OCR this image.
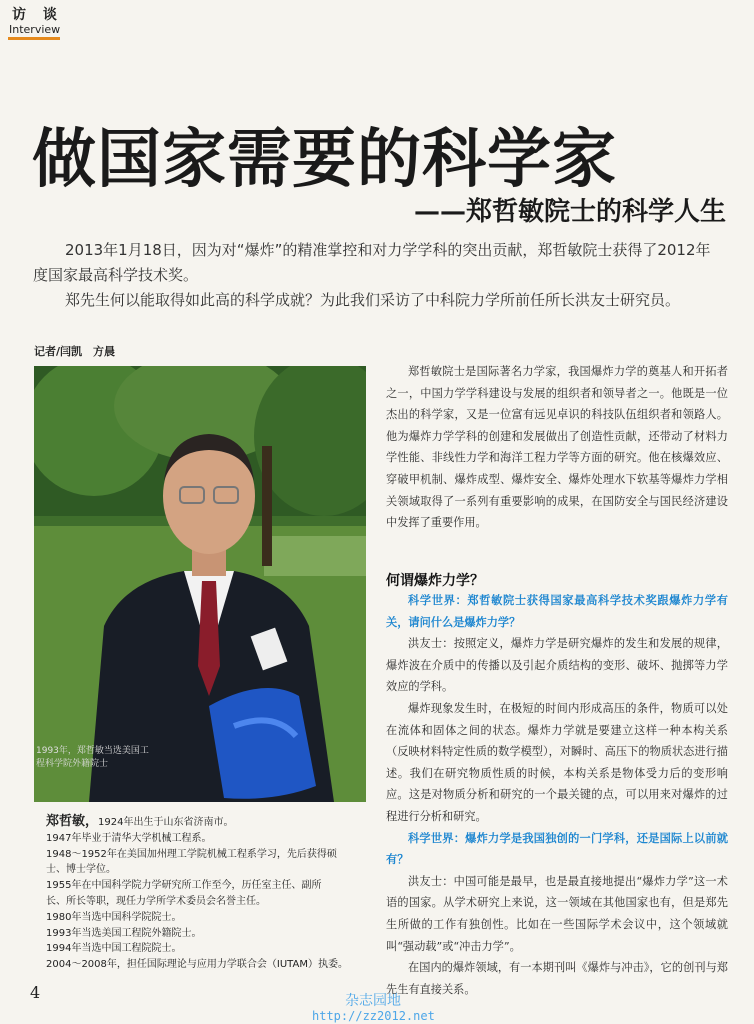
访 谈
Interview
做国家需要的科学家
——郑哲敏院士的科学人生

2013年1月18日，因为对“爆炸”的精准掌控和对力学学科的突出贡献，郑哲敏院士获得了2012年度国家最高科学技术奖。

郑先生何以能取得如此高的科学成就？为此我们采访了中科院力学所前任所长洪友士研究员。

记者/闫凯　方晨
1993年，郑哲敏当选美国工程科学院外籍院士
郑哲敏，1924年出生于山东省济南市。
1947年毕业于清华大学机械工程系。
1948～1952年在美国加州理工学院机械工程系学习，先后获得硕
士、博士学位。
1955年在中国科学院力学研究所工作至今，历任室主任、副所
长、所长等职，现任力学所学术委员会名誉主任。
1980年当选中国科学院院士。
1993年当选美国工程院外籍院士。
1994年当选中国工程院院士。
2004～2008年，担任国际理论与应用力学联合会（IUTAM）执委。

郑哲敏院士是国际著名力学家，我国爆炸力学的奠基人和开拓者之一，中国力学学科建设与发展的组织者和领导者之一。他既是一位杰出的科学家，又是一位富有远见卓识的科技队伍组织者和领路人。他为爆炸力学学科的创建和发展做出了创造性贡献，还带动了材料力学性能、非线性力学和海洋工程力学等方面的研究。他在核爆效应、穿破甲机制、爆炸成型、爆炸安全、爆炸处理水下软基等爆炸力学相关领域取得了一系列有重要影响的成果，在国防安全与国民经济建设中发挥了重要作用。

何谓爆炸力学？

科学世界：郑哲敏院士获得国家最高科学技术奖跟爆炸力学有关，请问什么是爆炸力学？

洪友士：按照定义，爆炸力学是研究爆炸的发生和发展的规律，爆炸波在介质中的传播以及引起介质结构的变形、破坏、抛掷等力学效应的学科。

爆炸现象发生时，在极短的时间内形成高压的条件，物质可以处在流体和固体之间的状态。爆炸力学就是要建立这样一种本构关系（反映材料特定性质的数学模型），对瞬时、高压下的物质状态进行描述。我们在研究物质性质的时候，本构关系是物体受力后的变形响应。这是对物质分析和研究的一个最关键的点，可以用来对爆炸的过程进行分析和研究。

科学世界：爆炸力学是我国独创的一门学科，还是国际上以前就有？

洪友士：中国可能是最早，也是最直接地提出“爆炸力学”这一术语的国家。从学术研究上来说，这一领域在其他国家也有，但是郑先生所做的工作有独创性。比如在一些国际学术会议中，这个领域就叫“强动载”或“冲击力学”。

在国内的爆炸领域，有一本期刊叫《爆炸与冲击》，它的创刊与郑先生有直接关系。

4	杂志园地
http://zz2012.net
